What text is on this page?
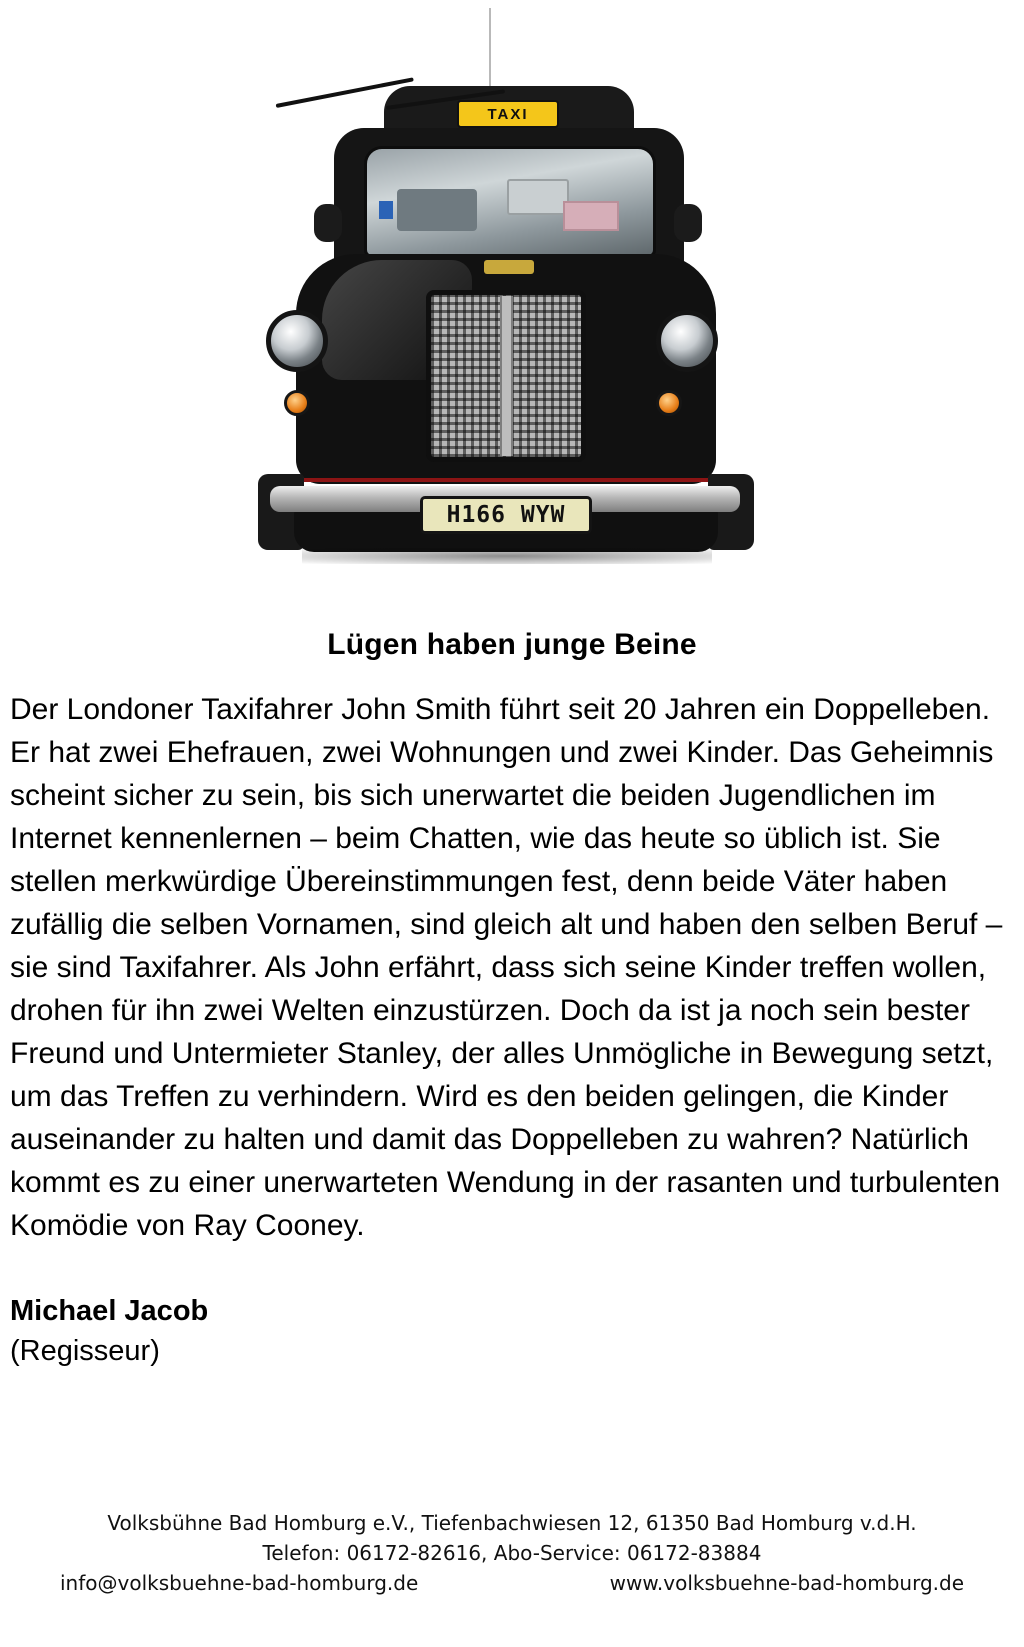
TAXI
H166 WYW
Lügen haben junge Beine

Der Londoner Taxifahrer John Smith führt seit 20 Jahren ein Doppelleben. Er hat zwei Ehefrauen, zwei Wohnungen und zwei Kinder. Das Geheimnis scheint sicher zu sein, bis sich unerwartet die beiden Jugendlichen im Internet kennenlernen – beim Chatten, wie das heute so üblich ist. Sie stellen merkwürdige Übereinstimmungen fest, denn beide Väter haben zufällig die selben Vornamen, sind gleich alt und haben den selben Beruf – sie sind Taxifahrer. Als John erfährt, dass sich seine Kinder treffen wollen, drohen für ihn zwei Welten einzustürzen. Doch da ist ja noch sein bester Freund und Untermieter Stanley, der alles Unmögliche in Bewegung setzt, um das Treffen zu verhindern. Wird es den beiden gelingen, die Kinder auseinander zu halten und damit das Doppelleben zu wahren? Natürlich kommt es zu einer unerwarteten Wendung in der rasanten und turbulenten Komödie von Ray Cooney.

Michael Jacob
(Regisseur)
Volksbühne Bad Homburg e.V., Tiefenbachwiesen 12, 61350 Bad Homburg v.d.H.
Telefon: 06172-82616, Abo-Service: 06172-83884
info@volksbuehne-bad-homburg.de	www.volksbuehne-bad-homburg.de
